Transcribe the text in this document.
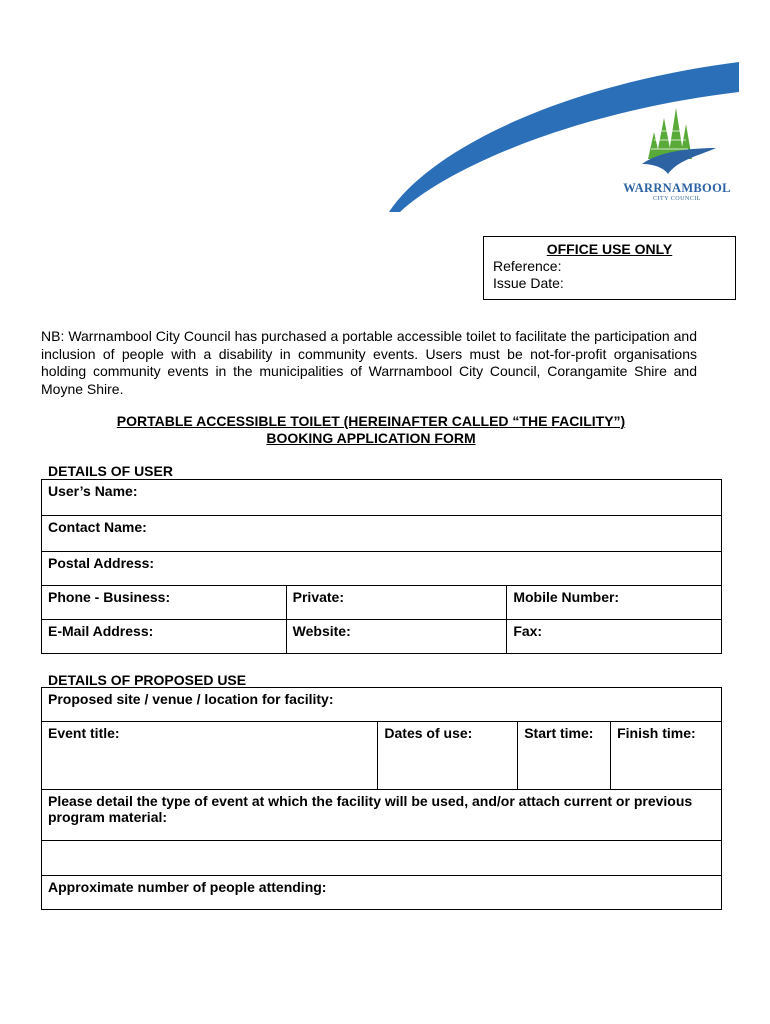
WARRNAMBOOL
CITY COUNCIL
OFFICE USE ONLY
Reference:
Issue Date:
NB: Warrnambool City Council has purchased a portable accessible toilet to facilitate the participation and inclusion of people with a disability in community events. Users must be not-for-profit organisations holding community events in the municipalities of Warrnambool City Council, Corangamite Shire and Moyne Shire.
PORTABLE ACCESSIBLE TOILET (HEREINAFTER CALLED “THE FACILITY”)
BOOKING APPLICATION FORM
DETAILS OF USER
User’s Name:		
Contact Name:		
Postal Address:		
Phone - Business:	Private:	Mobile Number:
E-Mail Address:	Website:	Fax:
DETAILS OF PROPOSED USE
Proposed site / venue / location for facility:
Event title:	Dates of use:	Start time:	Finish time:
Please detail the type of event at which the facility will be used, and/or attach current or previous program material:

Approximate number of people attending:
